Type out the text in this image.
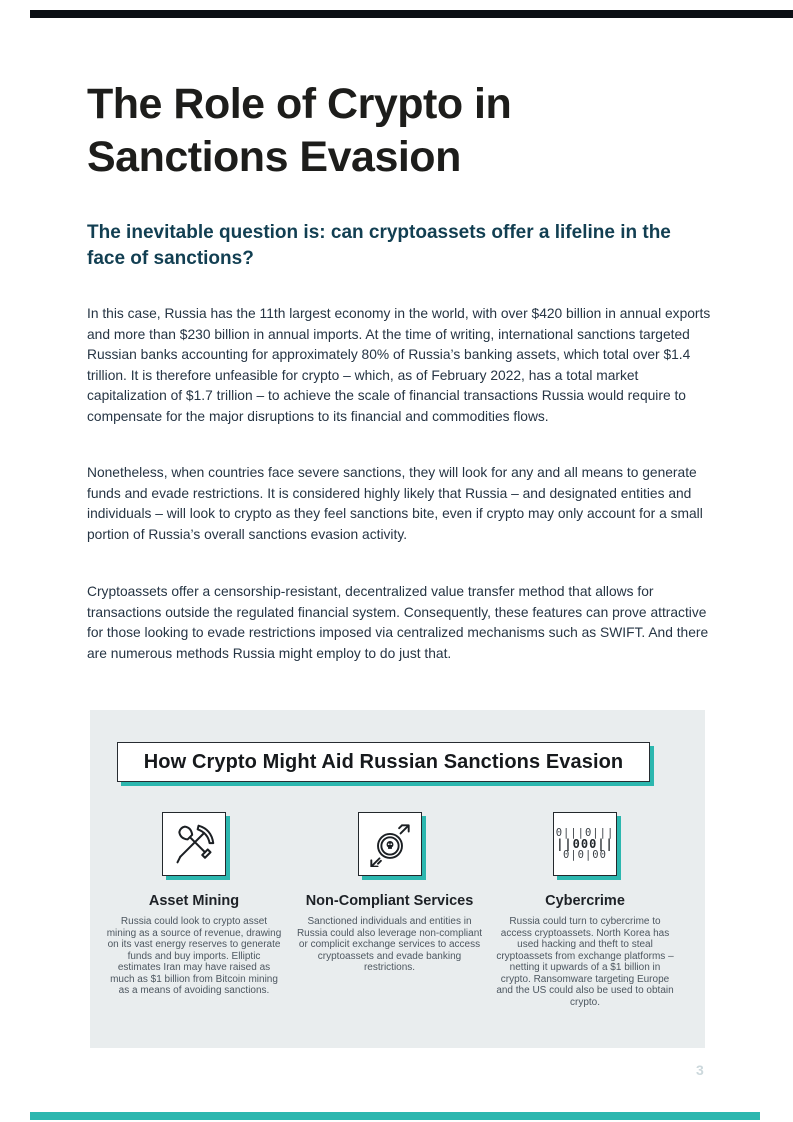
The Role of Crypto in Sanctions Evasion
The inevitable question is: can cryptoassets offer a lifeline in the face of sanctions?

In this case, Russia has the 11th largest economy in the world, with over $420 billion in annual exports and more than $230 billion in annual imports. At the time of writing, international sanctions targeted Russian banks accounting for approximately 80% of Russia’s banking assets, which total over $1.4 trillion. It is therefore unfeasible for crypto – which, as of February 2022, has a total market capitalization of $1.7 trillion – to achieve the scale of financial transactions Russia would require to compensate for the major disruptions to its financial and commodities flows.

Nonetheless, when countries face severe sanctions, they will look for any and all means to generate funds and evade restrictions. It is considered highly likely that Russia – and designated entities and individuals – will look to crypto as they feel sanctions bite, even if crypto may only account for a small portion of Russia’s overall sanctions evasion activity.

Cryptoassets offer a censorship-resistant, decentralized value transfer method that allows for transactions outside the regulated financial system. Consequently, these features can prove attractive for those looking to evade restrictions imposed via centralized mechanisms such as SWIFT. And there are numerous methods Russia might employ to do just that.

How Crypto Might Aid Russian Sanctions Evasion
Asset Mining
Russia could look to crypto asset mining as a source of revenue, drawing on its vast energy reserves to generate funds and buy imports. Elliptic estimates Iran may have raised as much as $1 billion from Bitcoin mining as a means of avoiding sanctions.
Non-Compliant Services
Sanctioned individuals and entities in Russia could also leverage non-compliant or complicit exchange services to access cryptoassets and evade banking restrictions.
0|||0|||
||000||
0|0|00
Cybercrime
Russia could turn to cybercrime to access cryptoassets. North Korea has used hacking and theft to steal cryptoassets from exchange platforms – netting it upwards of a $1 billion in crypto. Ransomware targeting Europe and the US could also be used to obtain crypto.
3
